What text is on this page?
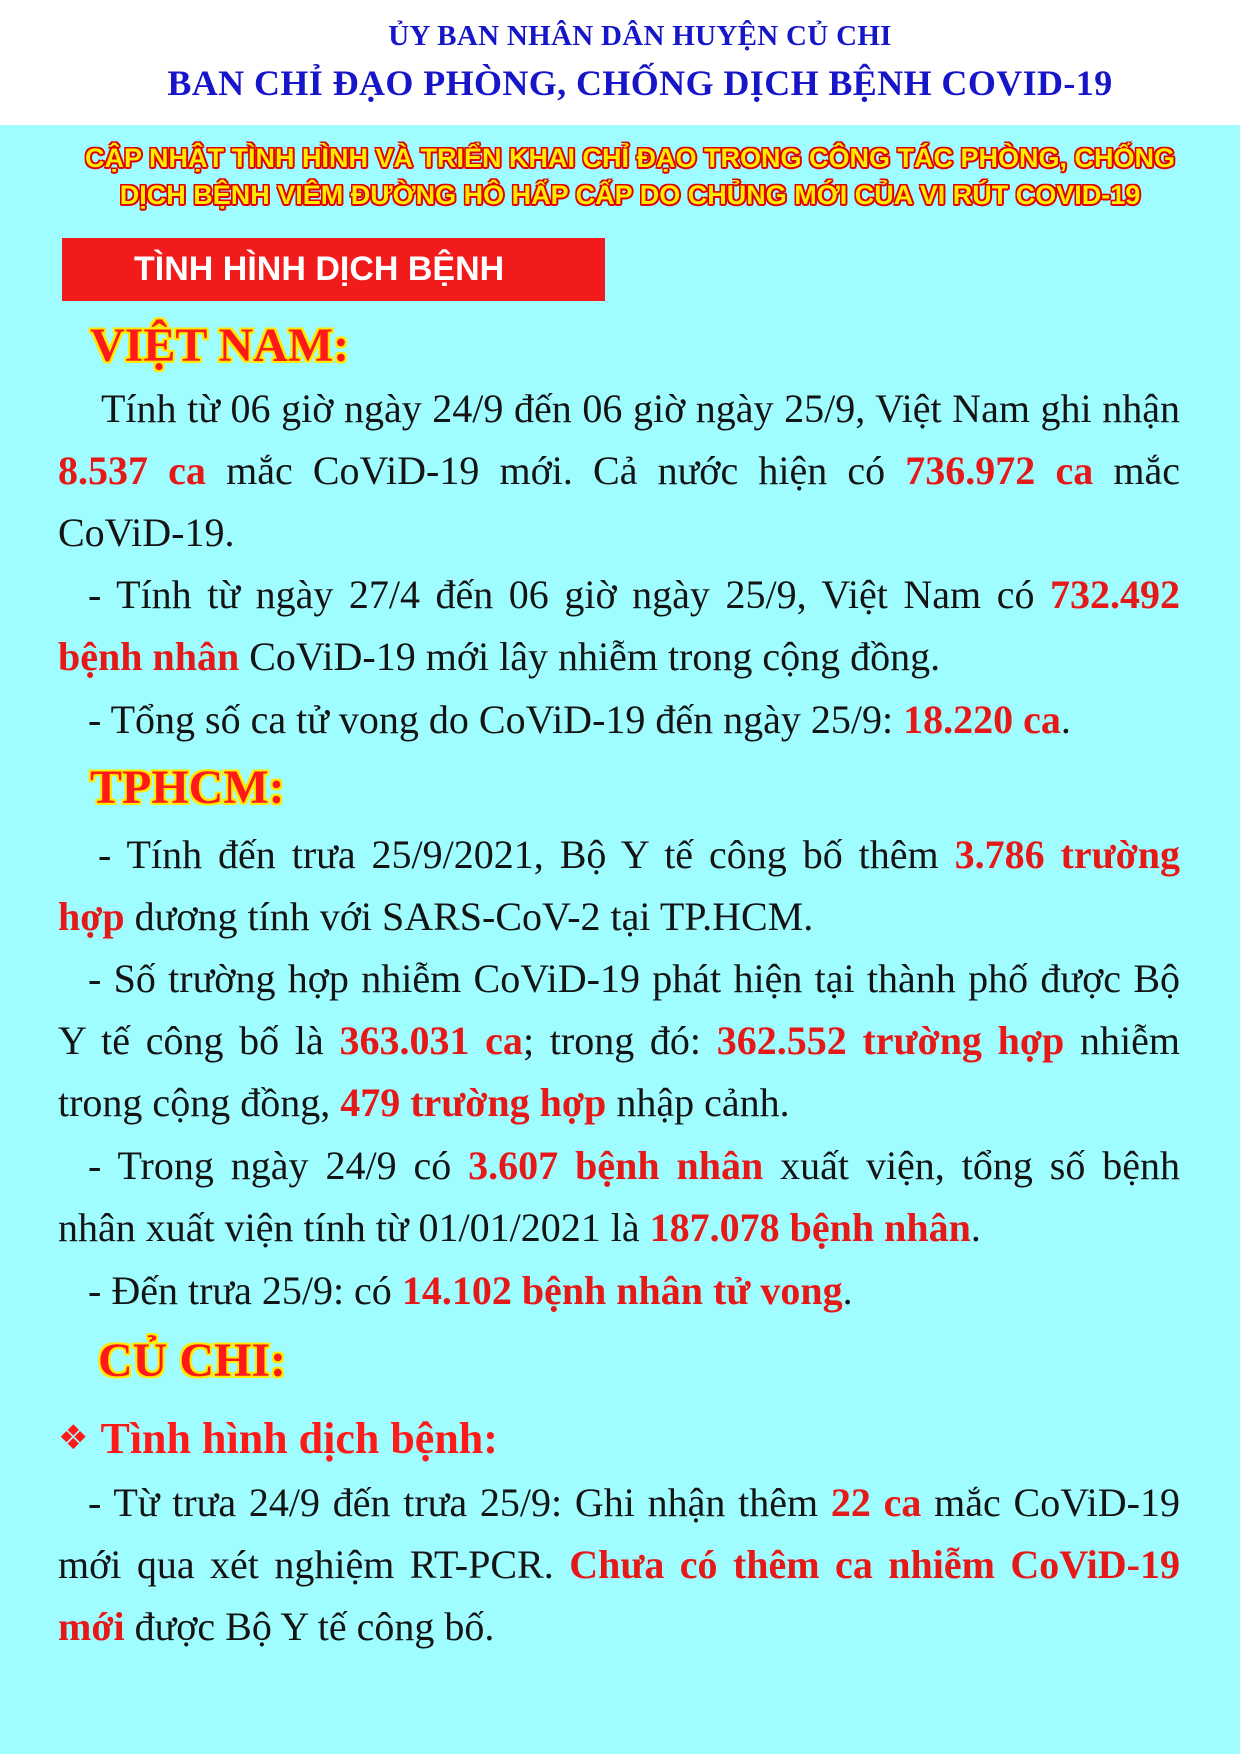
ỦY BAN NHÂN DÂN HUYỆN CỦ CHI
BAN CHỈ ĐẠO PHÒNG, CHỐNG DỊCH BỆNH COVID-19
CẬP NHẬT TÌNH HÌNH VÀ TRIỂN KHAI CHỈ ĐẠO TRONG CÔNG TÁC PHÒNG, CHỐNG
DỊCH BỆNH VIÊM ĐƯỜNG HÔ HẤP CẤP DO CHỦNG MỚI CỦA VI RÚT COVID-19
TÌNH HÌNH DỊCH BỆNH
VIỆT NAM:
Tính từ 06 giờ ngày 24/9 đến 06 giờ ngày 25/9, Việt Nam ghi nhận 8.537 ca mắc CoViD-19 mới. Cả nước hiện có 736.972 ca mắc CoViD-19.
- Tính từ ngày 27/4 đến 06 giờ ngày 25/9, Việt Nam có 732.492 bệnh nhân CoViD-19 mới lây nhiễm trong cộng đồng.
- Tổng số ca tử vong do CoViD-19 đến ngày 25/9: 18.220 ca.
TPHCM:
- Tính đến trưa 25/9/2021, Bộ Y tế công bố thêm 3.786 trường hợp dương tính với SARS-CoV-2 tại TP.HCM.
- Số trường hợp nhiễm CoViD-19 phát hiện tại thành phố được Bộ Y tế công bố là 363.031 ca; trong đó: 362.552 trường hợp nhiễm trong cộng đồng, 479 trường hợp nhập cảnh.
- Trong ngày 24/9 có 3.607 bệnh nhân xuất viện, tổng số bệnh nhân xuất viện tính từ 01/01/2021 là 187.078 bệnh nhân.
- Đến trưa 25/9: có 14.102 bệnh nhân tử vong.
CỦ CHI:
❖ Tình hình dịch bệnh:
- Từ trưa 24/9 đến trưa 25/9: Ghi nhận thêm 22 ca mắc CoViD-19 mới qua xét nghiệm RT-PCR. Chưa có thêm ca nhiễm CoViD-19 mới được Bộ Y tế công bố.
